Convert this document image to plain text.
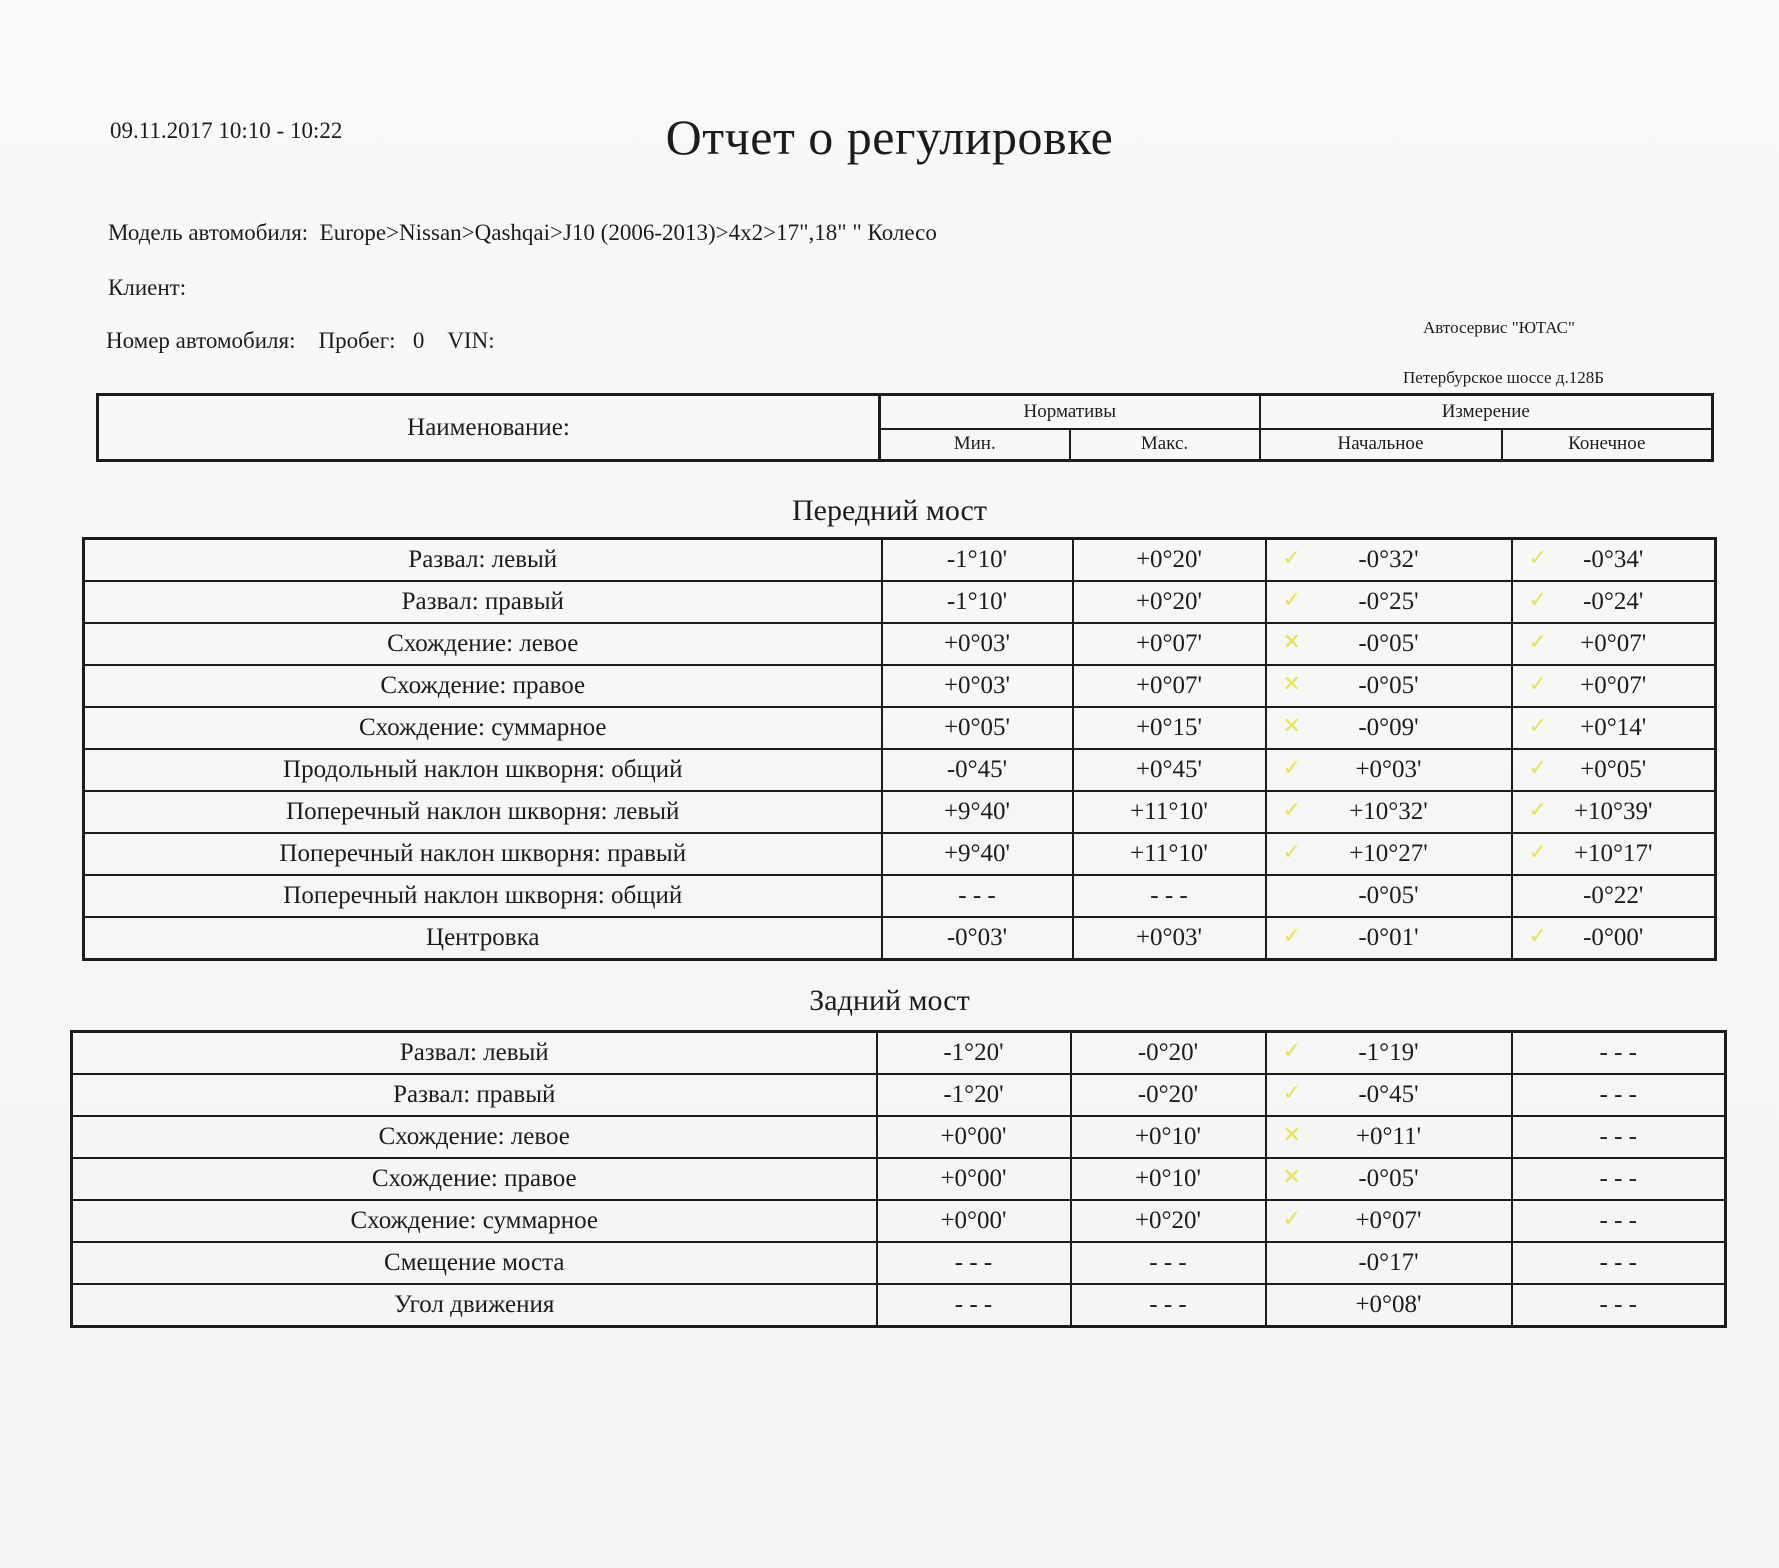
09.11.2017 10:10 - 10:22	Отчет о регулировке
Модель автомобиля: Europe>Nissan>Qashqai>J10 (2006-2013)>4x2>17",18" " Колесо
Клиент:
Номер автомобиля: Пробег: 0 VIN:
Автосервис "ЮТАС"
Петербурское шоссе д.128Б
Наименование:	Нормативы		Измерение	
	Мин.	Макс.	Начальное	Конечное
Передний мост
Развал: левый	-1°10'	+0°20'	✓ -0°32'	✓ -0°34'
Развал: правый	-1°10'	+0°20'	✓ -0°25'	✓ -0°24'
Схождение: левое	+0°03'	+0°07'	✕ -0°05'	✓ +0°07'
Схождение: правое	+0°03'	+0°07'	✕ -0°05'	✓ +0°07'
Схождение: суммарное	+0°05'	+0°15'	✕ -0°09'	✓ +0°14'
Продольный наклон шкворня: общий	-0°45'	+0°45'	✓ +0°03'	✓ +0°05'
Поперечный наклон шкворня: левый	+9°40'	+11°10'	✓ +10°32'	✓ +10°39'
Поперечный наклон шкворня: правый	+9°40'	+11°10'	✓ +10°27'	✓ +10°17'
Поперечный наклон шкворня: общий	- - -	- - -	-0°05'	-0°22'
Центровка	-0°03'	+0°03'	✓ -0°01'	✓ -0°00'
Задний мост
Развал: левый	-1°20'	-0°20'	✓ -1°19'	- - -
Развал: правый	-1°20'	-0°20'	✓ -0°45'	- - -
Схождение: левое	+0°00'	+0°10'	✕ +0°11'	- - -
Схождение: правое	+0°00'	+0°10'	✕ -0°05'	- - -
Схождение: суммарное	+0°00'	+0°20'	✓ +0°07'	- - -
Смещение моста	- - -	- - -	-0°17'	- - -
Угол движения	- - -	- - -	+0°08'	- - -
